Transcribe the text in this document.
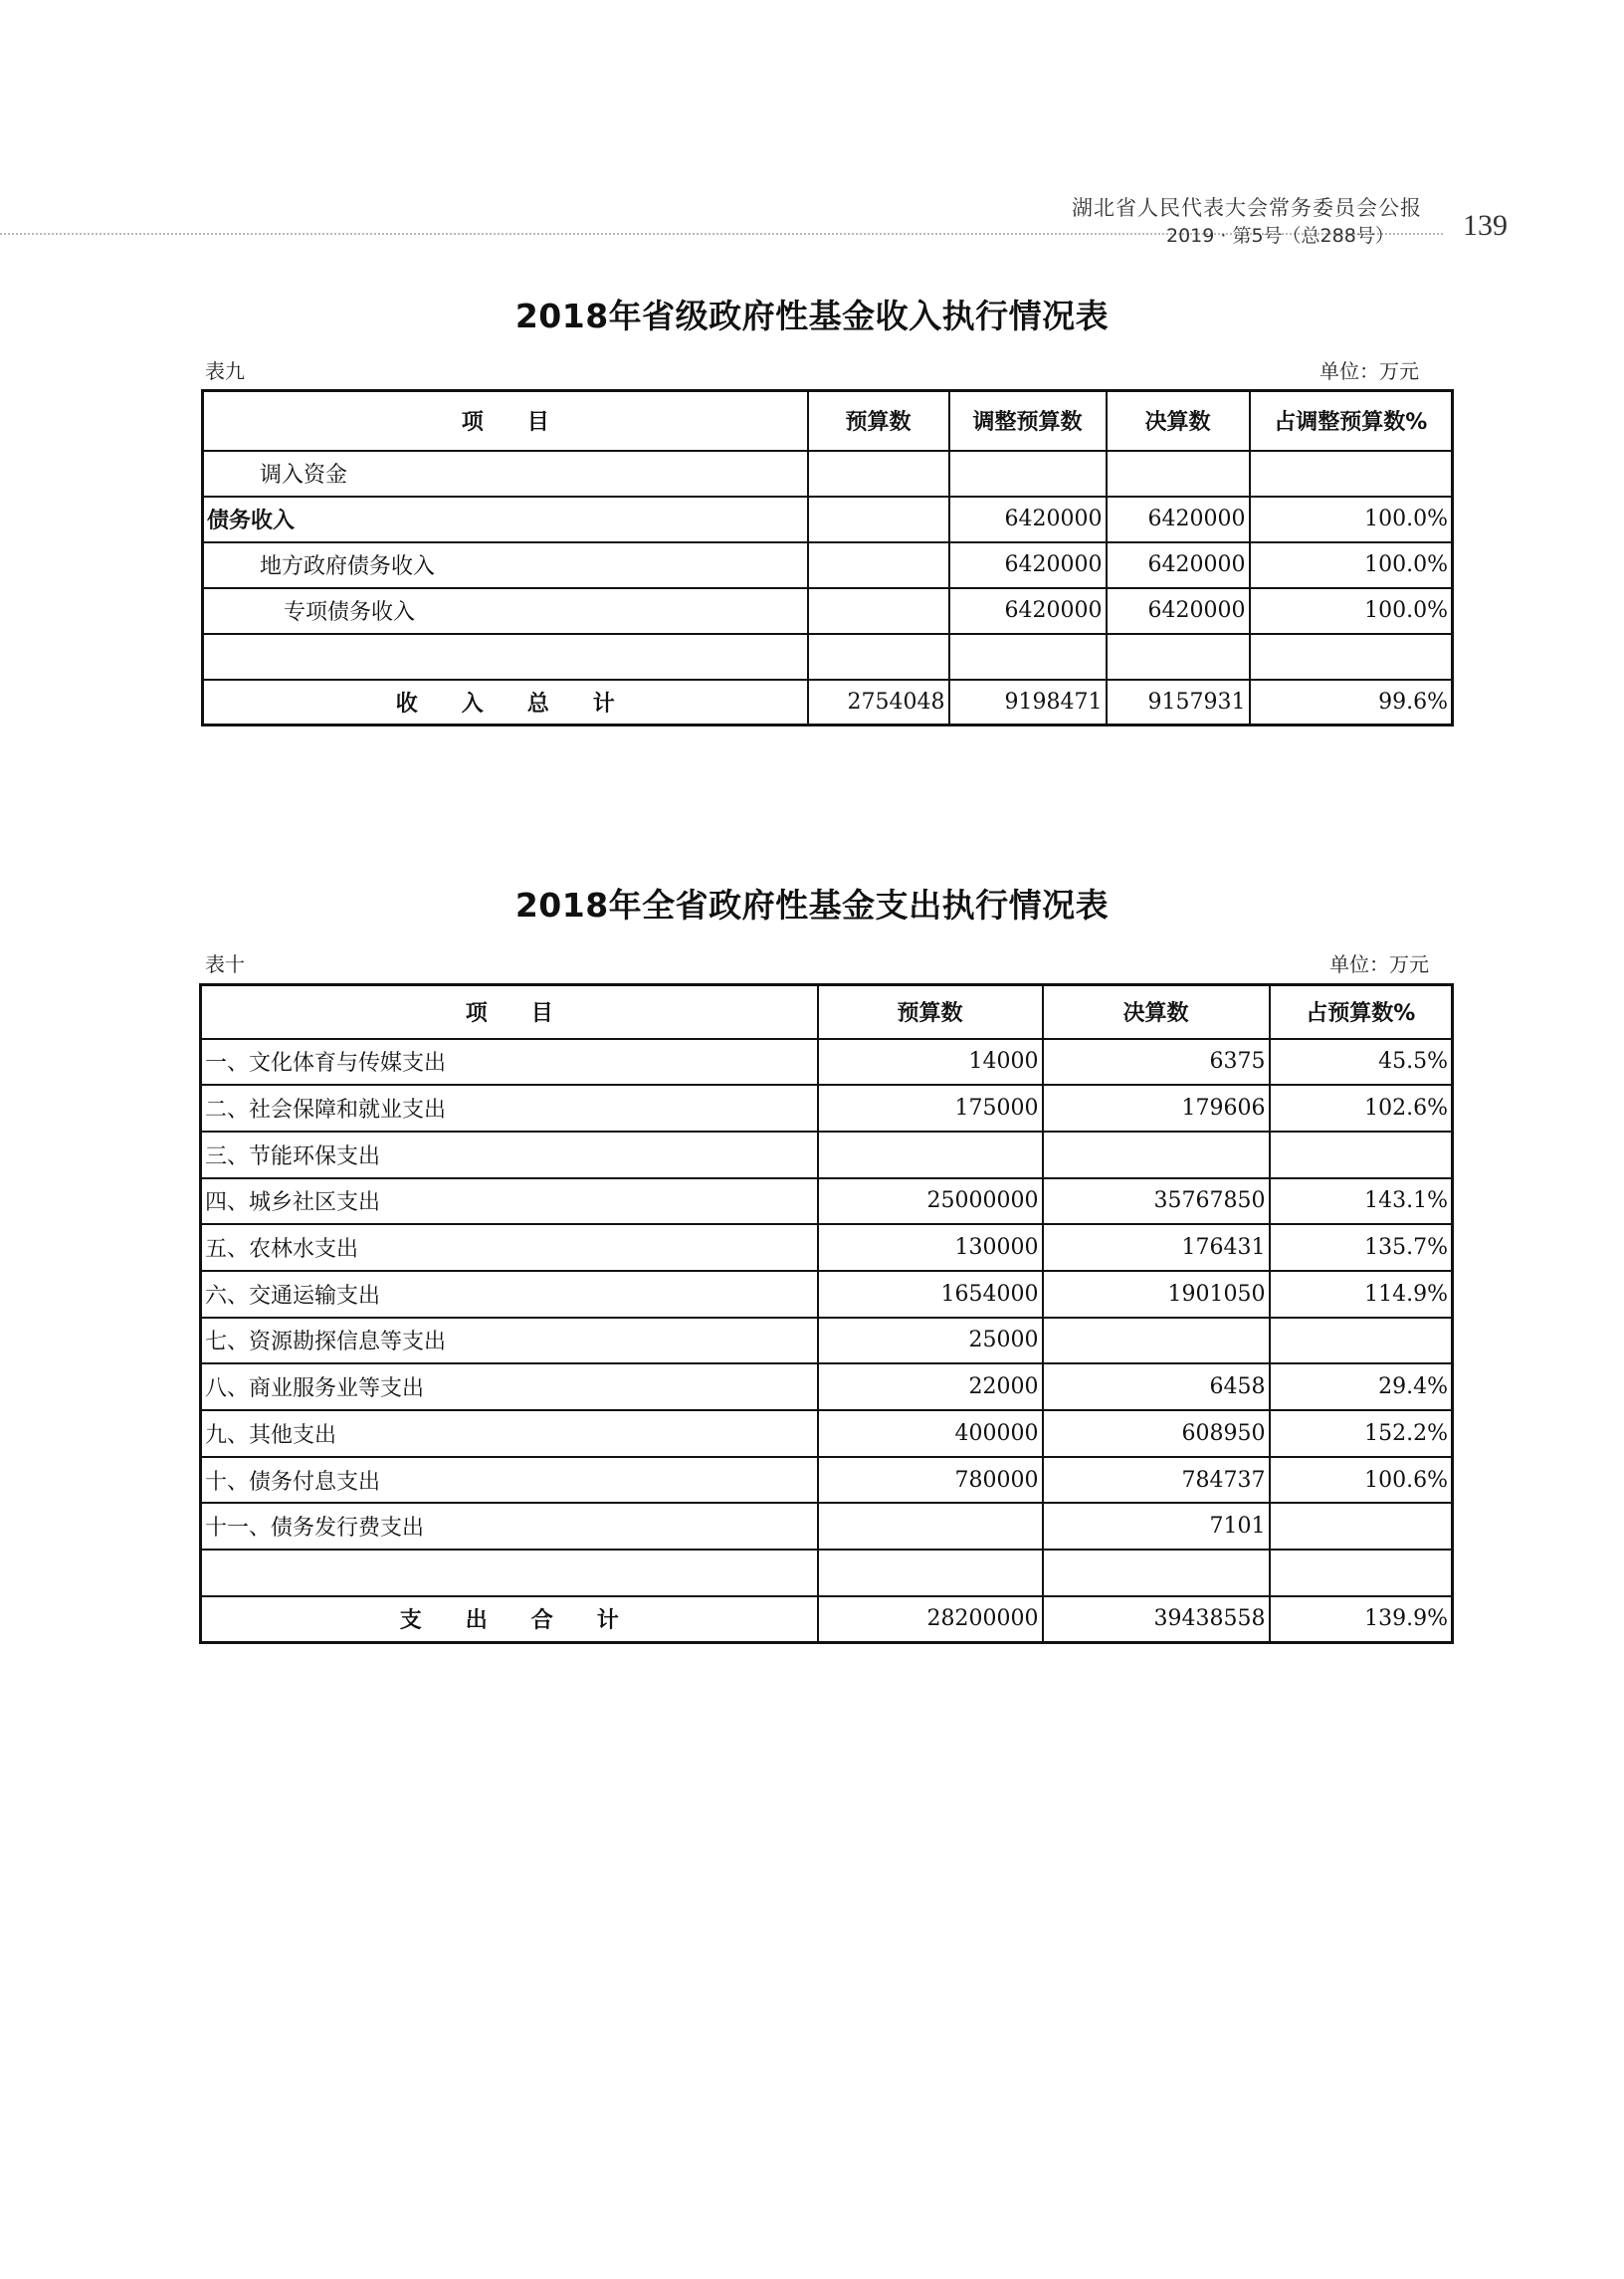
湖北省人民代表大会常务委员会公报
2019 · 第5号（总288号） 139
2018年省级政府性基金收入执行情况表
表九	单位：万元
项　　目	预算数	调整预算数	决算数	占调整预算数%
调入资金				
债务收入		6420000	6420000	100.0%
地方政府债务收入		6420000	6420000	100.0%
专项债务收入		6420000	6420000	100.0%

收　　入　　总　　计	2754048	9198471	9157931	99.6%
2018年全省政府性基金支出执行情况表
表十	单位：万元
项　　目	预算数	决算数	占预算数%
一、文化体育与传媒支出	14000	6375	45.5%
二、社会保障和就业支出	175000	179606	102.6%
三、节能环保支出			
四、城乡社区支出	25000000	35767850	143.1%
五、农林水支出	130000	176431	135.7%
六、交通运输支出	1654000	1901050	114.9%
七、资源勘探信息等支出	25000		
八、商业服务业等支出	22000	6458	29.4%
九、其他支出	400000	608950	152.2%
十、债务付息支出	780000	784737	100.6%
十一、债务发行费支出		7101	

支　　出　　合　　计	28200000	39438558	139.9%
